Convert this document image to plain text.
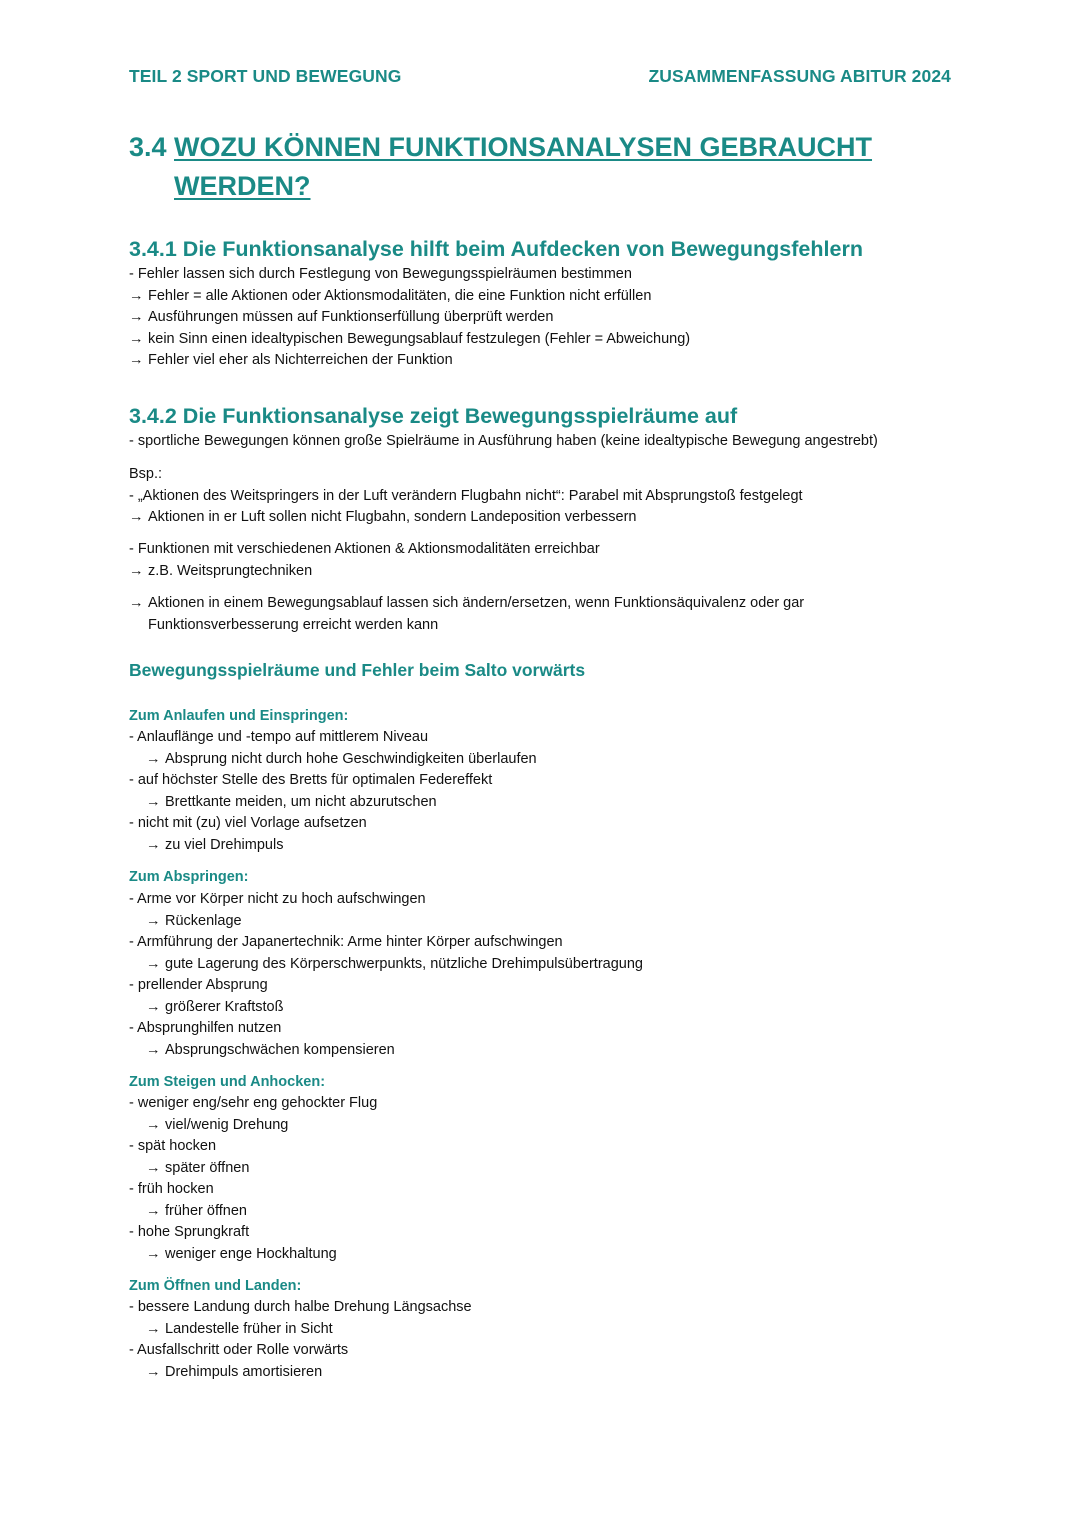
TEIL 2 SPORT UND BEWEGUNG	ZUSAMMENFASSUNG ABITUR 2024
3.4 WOZU KÖNNEN FUNKTIONSANALYSEN GEBRAUCHT WERDEN?
3.4.1 Die Funktionsanalyse hilft beim Aufdecken von Bewegungsfehlern
- Fehler lassen sich durch Festlegung von Bewegungsspielräumen bestimmen
→ Fehler = alle Aktionen oder Aktionsmodalitäten, die eine Funktion nicht erfüllen
→ Ausführungen müssen auf Funktionserfüllung überprüft werden
→ kein Sinn einen idealtypischen Bewegungsablauf festzulegen (Fehler = Abweichung)
→ Fehler viel eher als Nichterreichen der Funktion
3.4.2 Die Funktionsanalyse zeigt Bewegungsspielräume auf
- sportliche Bewegungen können große Spielräume in Ausführung haben (keine idealtypische Bewegung angestrebt)
Bsp.:
- „Aktionen des Weitspringers in der Luft verändern Flugbahn nicht“: Parabel mit Absprungstoß festgelegt
→ Aktionen in er Luft sollen nicht Flugbahn, sondern Landeposition verbessern
- Funktionen mit verschiedenen Aktionen & Aktionsmodalitäten erreichbar
→ z.B. Weitsprungtechniken
→ Aktionen in einem Bewegungsablauf lassen sich ändern/ersetzen, wenn Funktionsäquivalenz oder gar Funktionsverbesserung erreicht werden kann
Bewegungsspielräume und Fehler beim Salto vorwärts
Zum Anlaufen und Einspringen:
- Anlauflänge und -tempo auf mittlerem Niveau
→ Absprung nicht durch hohe Geschwindigkeiten überlaufen
- auf höchster Stelle des Bretts für optimalen Federeffekt
→ Brettkante meiden, um nicht abzurutschen
- nicht mit (zu) viel Vorlage aufsetzen
→ zu viel Drehimpuls
Zum Abspringen:
- Arme vor Körper nicht zu hoch aufschwingen
→ Rückenlage
- Armführung der Japanertechnik: Arme hinter Körper aufschwingen
→ gute Lagerung des Körperschwerpunkts, nützliche Drehimpulsübertragung
- prellender Absprung
→ größerer Kraftstoß
- Absprunghilfen nutzen
→ Absprungschwächen kompensieren
Zum Steigen und Anhocken:
- weniger eng/sehr eng gehockter Flug
→ viel/wenig Drehung
- spät hocken
→ später öffnen
- früh hocken
→ früher öffnen
- hohe Sprungkraft
→ weniger enge Hockhaltung
Zum Öffnen und Landen:
- bessere Landung durch halbe Drehung Längsachse
→ Landestelle früher in Sicht
- Ausfallschritt oder Rolle vorwärts
→ Drehimpuls amortisieren
